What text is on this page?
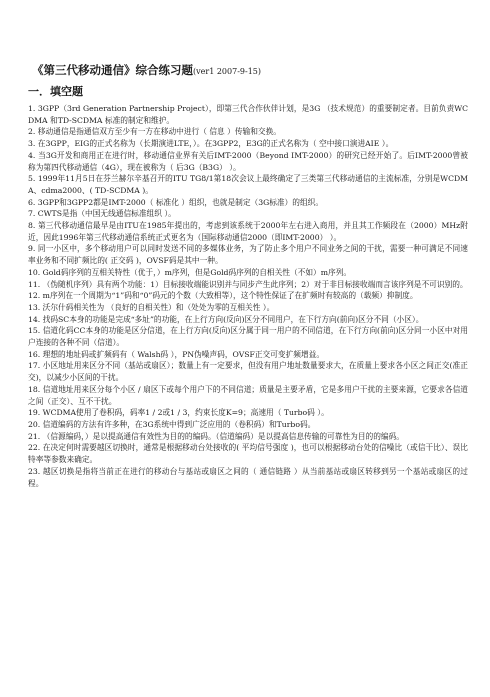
《第三代移动通信》综合练习题(ver1 2007-9-15)
一．填空题

1. 3GPP（3rd Generation Partnership Project），即第三代合作伙伴计划，是3G （技术规范）的重要制定者。目前负责WCDMA 和TD-SCDMA 标准的制定和维护。

2. 移动通信是指通信双方至少有一方在移动中进行（ 信息 ）传输和交换。

3. 在3GPP，EIG的正式名称为（长期演进LTE，）。在3GPP2，E3G的正式名称为（ 空中接口演进AIE ）。

4. 当3G开发和商用正在进行时，移动通信业界有关后IMT-2000（Beyond IMT-2000）的研究已经开始了。后IMT-2000曾被称为第四代移动通信（4G），现在被称为（ 后3G（B3G） ）。

5. 1999年11月5日在芬兰赫尔辛基召开的ITU TG8/1第18次会议上最终确定了三类第三代移动通信的主流标准，分别是WCDMA、cdma2000、( TD-SCDMA )。

6. 3GPP和3GPP2都是IMT-2000（ 标准化 ）组织，也就是制定（3G标准）的组织。

7. CWTS是指（中国无线通信标准组织 ）。

8. 第三代移动通信最早是由ITU在1985年提出的，考虑到该系统于2000年左右进入商用，并且其工作频段在（2000）MHz附近，因此1996年第三代移动通信系统正式更名为（国际移动通信2000（即IMT-2000） ）。

9. 同一小区中，多个移动用户可以同时发送不同的多媒体业务，为了防止多个用户不同业务之间的干扰，需要一种可满足不同速率业务和不同扩频比的( 正交码 )，OVSF码是其中一种。

10. Gold码序列的互相关特性（优于，）m序列，但是Gold码序列的自相关性（不如）m序列。

11. （伪随机序列）具有两个功能：1）目标接收端能识别并与同步产生此序列；2）对于非目标接收端而言该序列是不可识别的。

12. m序列在一个周期为“1”码和“0”码元的个数（大致相等），这个特性保证了在扩频时有较高的（载频）抑制度。

13. 沃尔什码相关性为 （良好的自相关性）和（处处为零的互相关性 ）。

14. 找码SC本身的功能是完成“多址”的功能，在上行方向(反向)区分不同用户，在下行方向(前向)区分不同（小区）。

15. 信道化码CC本身的功能是区分信道，在上行方向(反向)区分属于同一用户的不同信道，在下行方向(前向)区分同一小区中对用户连接的各种不同（信道）。

16. 理想的地址码或扩频码有（ Walsh码 ），PN伪噪声码，OVSF正交可变扩频增益。

17. 小区地址用来区分不同（基站或扇区）；数量上有一定要求，但没有用户地址数量要求大，在质量上要求各小区之间正交(准正交)，以减少小区间的干扰。

18. 信道地址用来区分每个小区 / 扇区下或每个用户下的不同信道；质量是主要矛盾，它是多用户干扰的主要来源，它要求各信道之间（正交）、互不干扰。

19. WCDMA使用了卷积码，码率1 / 2或1 / 3，约束长度K=9；高速用（ Turbo码 ）。

20. 信道编码的方法有许多种，在3G系统中得到广泛应用的（卷积码）和Turbo码。

21. （信源编码，）是以提高通信有效性为目的的编码。（信道编码）是以提高信息传输的可靠性为目的的编码。

22. 在决定何时需要越区切换时，通常是根据移动台处接收的( 平均信号强度 )，也可以根据移动台处的信噪比（或信干比）、误比特率等参数来确定。

23. 越区切换是指将当前正在进行的移动台与基站或扇区之间的（ 通信链路 ）从当前基站或扇区转移到另一个基站或扇区的过程。
